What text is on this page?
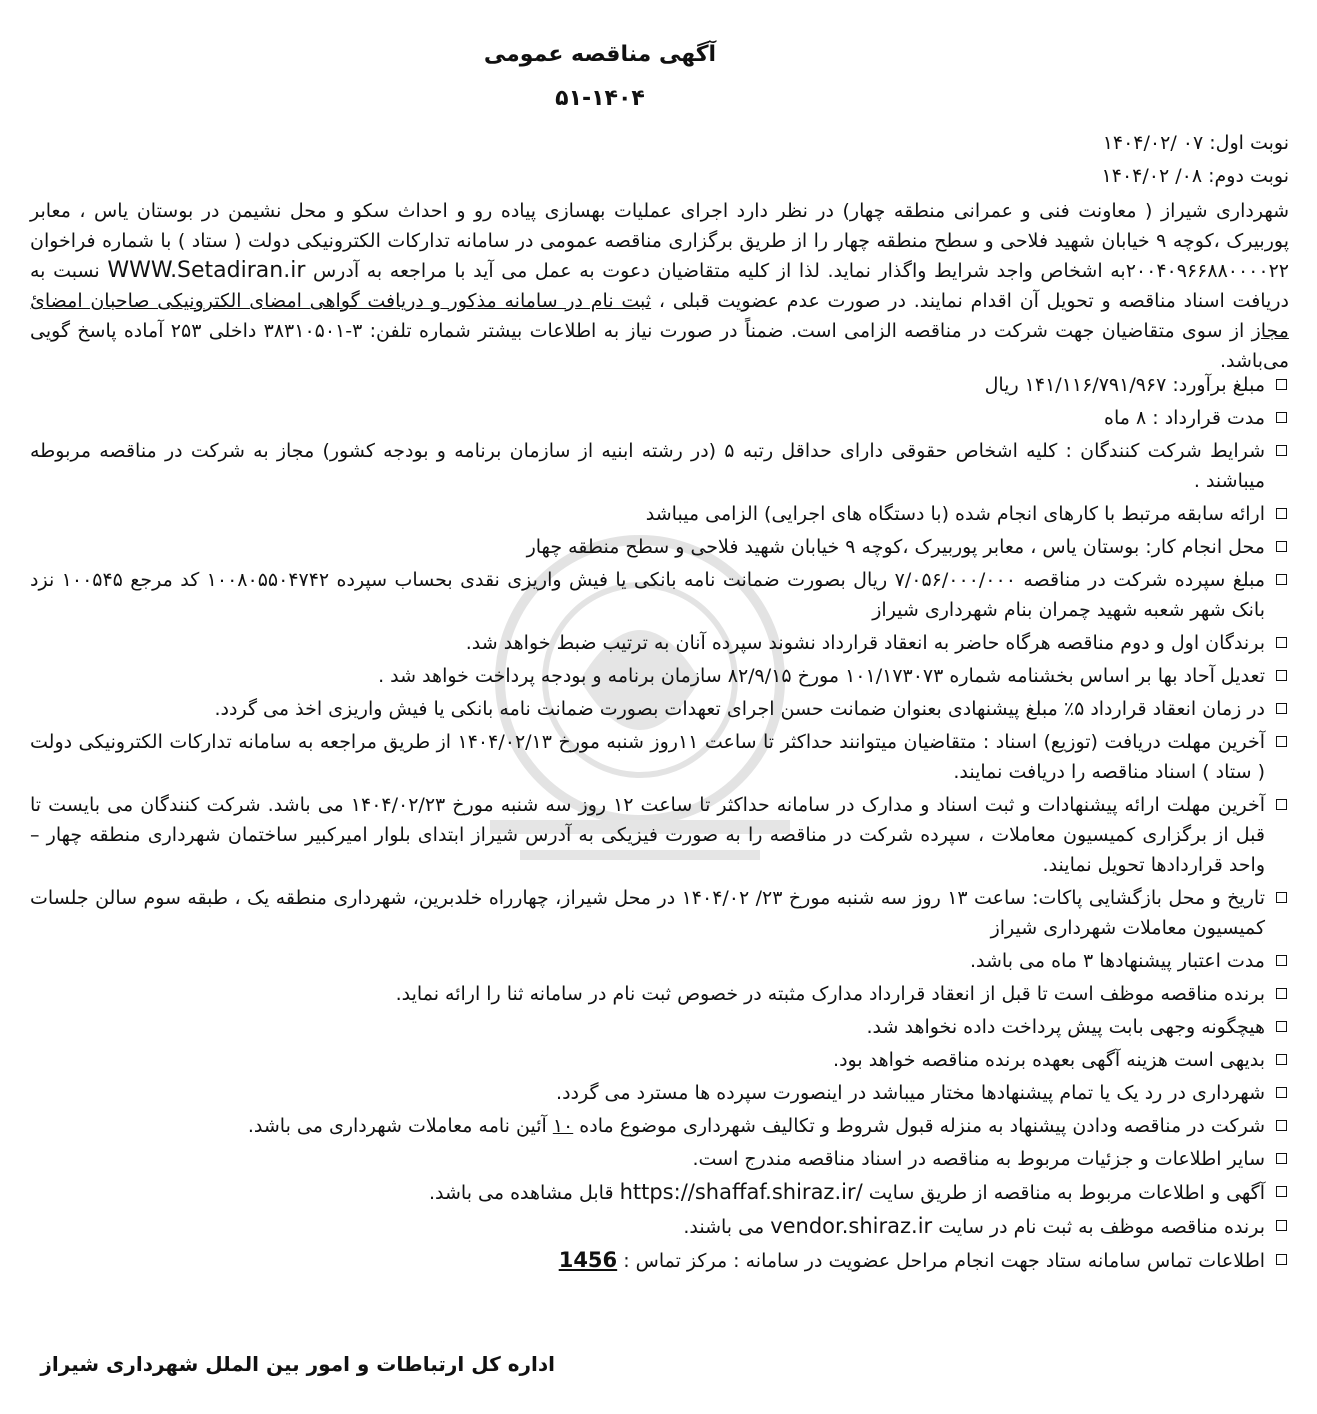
آگهی مناقصه عمومی
۵۱-۱۴۰۴
نوبت اول: ۰۷ /۱۴۰۴/۰۲
نوبت دوم: ۰۸/ ۱۴۰۴/۰۲
شهرداری شیراز ( معاونت فنی و عمرانی منطقه چهار) در نظر دارد اجرای عملیات بهسازی پیاده رو و احداث سکو و محل نشیمن در بوستان یاس ، معابر پوربیرک ،کوچه ۹ خیابان شهید فلاحی و سطح منطقه چهار را از طریق برگزاری مناقصه عمومی در سامانه تدارکات الکترونیکی دولت ( ستاد ) با شماره فراخوان ۲۰۰۴۰۹۶۶۸۸۰۰۰۰۲۲به اشخاص واجد شرایط واگذار نماید. لذا از کلیه متقاضیان دعوت به عمل می آید با مراجعه به آدرس WWW.Setadiran.ir نسبت به دریافت اسناد مناقصه و تحویل آن اقدام نمایند. در صورت عدم عضویت قبلی ، ثبت نام در سامانه مذکور و دریافت گواهی امضای الکترونیکی صاحبان امضائ مجاز از سوی متقاضیان جهت شرکت در مناقصه الزامی است. ضمناً در صورت نیاز به اطلاعات بیشتر شماره تلفن: ۳-۳۸۳۱۰۵۰۱ داخلی ۲۵۳ آماده پاسخ گویی می‌باشد.
مبلغ برآورد: ۱۴۱/۱۱۶/۷۹۱/۹۶۷ ریال
مدت قرارداد : ۸ ماه
شرایط شرکت کنندگان : کلیه اشخاص حقوقی دارای حداقل رتبه ۵ (در رشته ابنیه از سازمان برنامه و بودجه کشور) مجاز به شرکت در مناقصه مربوطه میباشند .
ارائه سابقه مرتبط با کارهای انجام شده (با دستگاه های اجرایی) الزامی میباشد
محل انجام کار: بوستان یاس ، معابر پوربیرک ،کوچه ۹ خیابان شهید فلاحی و سطح منطقه چهار
مبلغ سپرده شرکت در مناقصه ۷/۰۵۶/۰۰۰/۰۰۰ ریال بصورت ضمانت نامه بانکی یا فیش واریزی نقدی بحساب سپرده ۱۰۰۸۰۵۵۰۴۷۴۲ کد مرجع ۱۰۰۵۴۵ نزد بانک شهر شعبه شهید چمران بنام شهرداری شیراز
برندگان اول و دوم مناقصه هرگاه حاضر به انعقاد قرارداد نشوند سپرده آنان به ترتیب ضبط خواهد شد.
تعدیل آحاد بها بر اساس بخشنامه شماره ۱۰۱/۱۷۳۰۷۳ مورخ ۸۲/۹/۱۵ سازمان برنامه و بودجه پرداخت خواهد شد .
در زمان انعقاد قرارداد ۵٪ مبلغ پیشنهادی بعنوان ضمانت حسن اجرای تعهدات بصورت ضمانت نامه بانکی یا فیش واریزی اخذ می گردد.
آخرین مهلت دریافت (توزیع) اسناد : متقاضیان میتوانند حداکثر تا ساعت ۱۱روز شنبه مورخ ۱۴۰۴/۰۲/۱۳ از طریق مراجعه به سامانه تدارکات الکترونیکی دولت ( ستاد ) اسناد مناقصه را دریافت نمایند.
آخرین مهلت ارائه پیشنهادات و ثبت اسناد و مدارک در سامانه حداکثر تا ساعت ۱۲ روز سه شنبه مورخ ۱۴۰۴/۰۲/۲۳ می باشد. شرکت کنندگان می بایست تا قبل از برگزاری کمیسیون معاملات ، سپرده شرکت در مناقصه را به صورت فیزیکی به آدرس شیراز ابتدای بلوار امیرکبیر ساختمان شهرداری منطقه چهار – واحد قراردادها تحویل نمایند.
تاریخ و محل بازگشایی پاکات: ساعت ۱۳ روز سه شنبه مورخ ۲۳/ ۱۴۰۴/۰۲ در محل شیراز، چهارراه خلدبرین، شهرداری منطقه یک ، طبقه سوم سالن جلسات کمیسیون معاملات شهرداری شیراز
مدت اعتبار پیشنهادها ۳ ماه می باشد.
برنده مناقصه موظف است تا قبل از انعقاد قرارداد مدارک مثبته در خصوص ثبت نام در سامانه ثنا را ارائه نماید.
هیچگونه وجهی بابت پیش پرداخت داده نخواهد شد.
بدیهی است هزینه آگهی بعهده برنده مناقصه خواهد بود.
شهرداری در رد یک یا تمام پیشنهادها مختار میباشد در اینصورت سپرده ها مسترد می گردد.
شرکت در مناقصه ودادن پیشنهاد به منزله قبول شروط و تکالیف شهرداری موضوع ماده ۱۰ آئین نامه معاملات شهرداری می باشد.
سایر اطلاعات و جزئیات مربوط به مناقصه در اسناد مناقصه مندرج است.
آگهی و اطلاعات مربوط به مناقصه از طریق سایت https://shaffaf.shiraz.ir/ قابل مشاهده می باشد.
برنده مناقصه موظف به ثبت نام در سایت vendor.shiraz.ir می باشند.
اطلاعات تماس سامانه ستاد جهت انجام مراحل عضویت در سامانه : مرکز تماس : 1456
اداره کل ارتباطات و امور بین الملل شهرداری شیراز
